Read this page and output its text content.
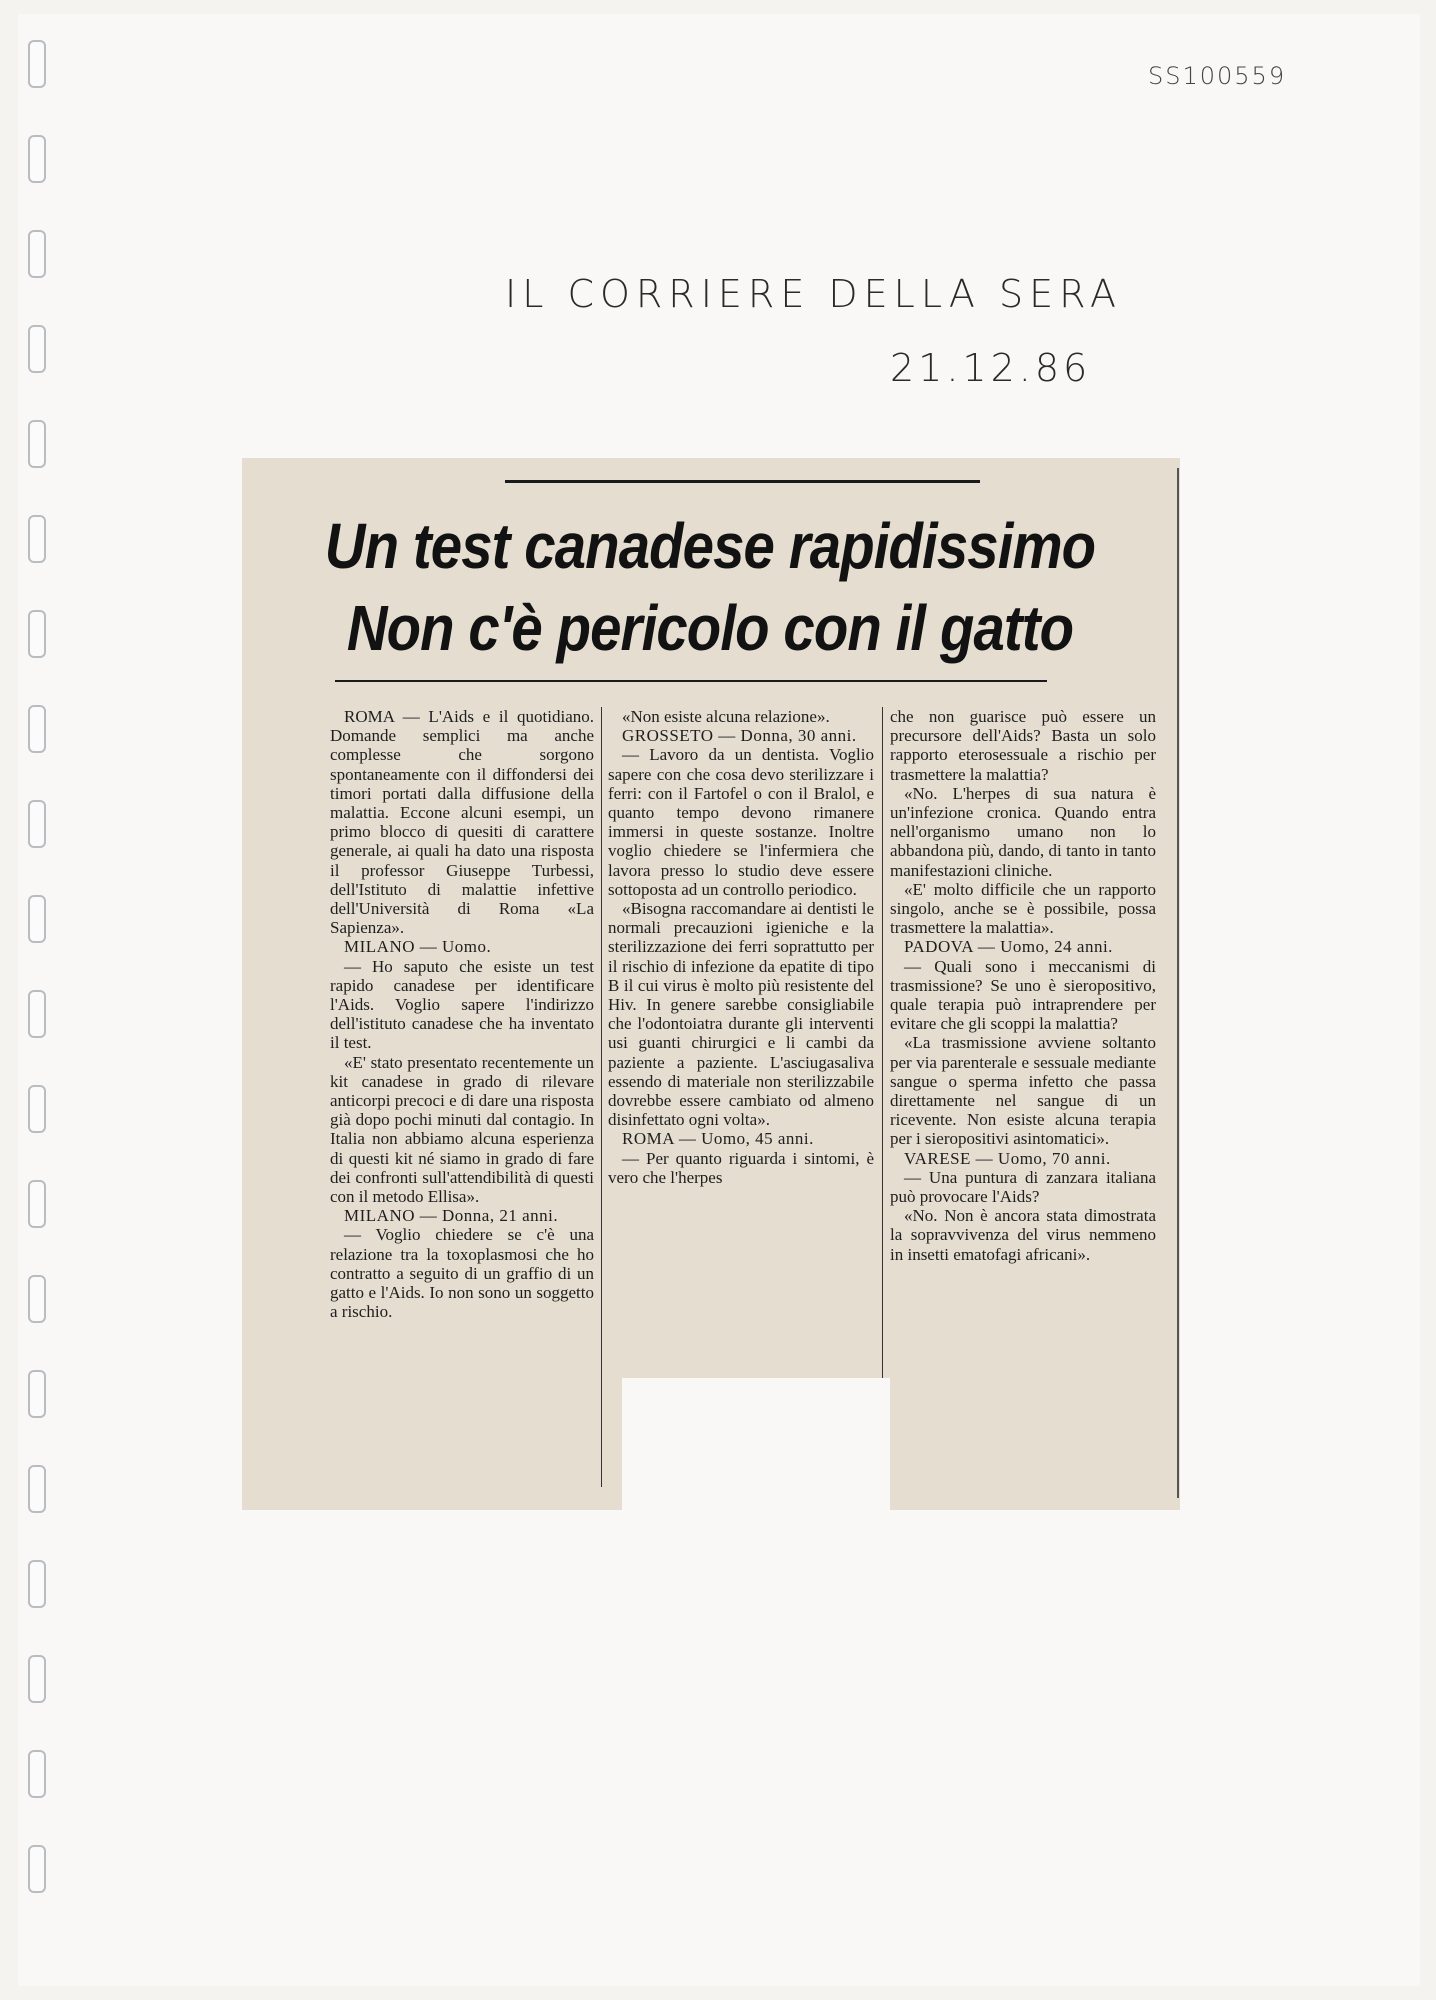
SS100559
IL CORRIERE DELLA SERA
21.12.86
Un test canadese rapidissimo
Non c'è pericolo con il gatto

ROMA — L'Aids e il quotidiano. Domande semplici ma anche complesse che sorgono spontaneamente con il diffondersi dei timori portati dalla diffusione della malattia. Eccone alcuni esempi, un primo blocco di quesiti di carattere generale, ai quali ha dato una risposta il professor Giuseppe Turbessi, dell'Istituto di malattie infettive dell'Università di Roma «La Sapienza».

MILANO — Uomo.

— Ho saputo che esiste un test rapido canadese per identificare l'Aids. Voglio sapere l'indirizzo dell'istituto canadese che ha inventato il test.

«E' stato presentato recentemente un kit canadese in grado di rilevare anticorpi precoci e di dare una risposta già dopo pochi minuti dal contagio. In Italia non abbiamo alcuna esperienza di questi kit né siamo in grado di fare dei confronti sull'attendibilità di questi con il metodo Ellisa».

MILANO — Donna, 21 anni.

— Voglio chiedere se c'è una relazione tra la toxoplasmosi che ho contratto a seguito di un graffio di un gatto e l'Aids. Io non sono un soggetto a rischio.

«Non esiste alcuna relazione».

GROSSETO — Donna, 30 anni.

— Lavoro da un dentista. Voglio sapere con che cosa devo sterilizzare i ferri: con il Fartofel o con il Bralol, e quanto tempo devono rimanere immersi in queste sostanze. Inoltre voglio chiedere se l'infermiera che lavora presso lo studio deve essere sottoposta ad un controllo periodico.

«Bisogna raccomandare ai dentisti le normali precauzioni igieniche e la sterilizzazione dei ferri soprattutto per il rischio di infezione da epatite di tipo B il cui virus è molto più resistente del Hiv. In genere sarebbe consigliabile che l'odontoiatra durante gli interventi usi guanti chirurgici e li cambi da paziente a paziente. L'asciugasaliva essendo di materiale non sterilizzabile dovrebbe essere cambiato od almeno disinfettato ogni volta».

ROMA — Uomo, 45 anni.

— Per quanto riguarda i sintomi, è vero che l'herpes

che non guarisce può essere un precursore dell'Aids? Basta un solo rapporto eterosessuale a rischio per trasmettere la malattia?

«No. L'herpes di sua natura è un'infezione cronica. Quando entra nell'organismo umano non lo abbandona più, dando, di tanto in tanto manifestazioni cliniche.

«E' molto difficile che un rapporto singolo, anche se è possibile, possa trasmettere la malattia».

PADOVA — Uomo, 24 anni.

— Quali sono i meccanismi di trasmissione? Se uno è sieropositivo, quale terapia può intraprendere per evitare che gli scoppi la malattia?

«La trasmissione avviene soltanto per via parenterale e sessuale mediante sangue o sperma infetto che passa direttamente nel sangue di un ricevente. Non esiste alcuna terapia per i sieropositivi asintomatici».

VARESE — Uomo, 70 anni.

— Una puntura di zanzara italiana può provocare l'Aids?

«No. Non è ancora stata dimostrata la sopravvivenza del virus nemmeno in insetti ematofagi africani».
